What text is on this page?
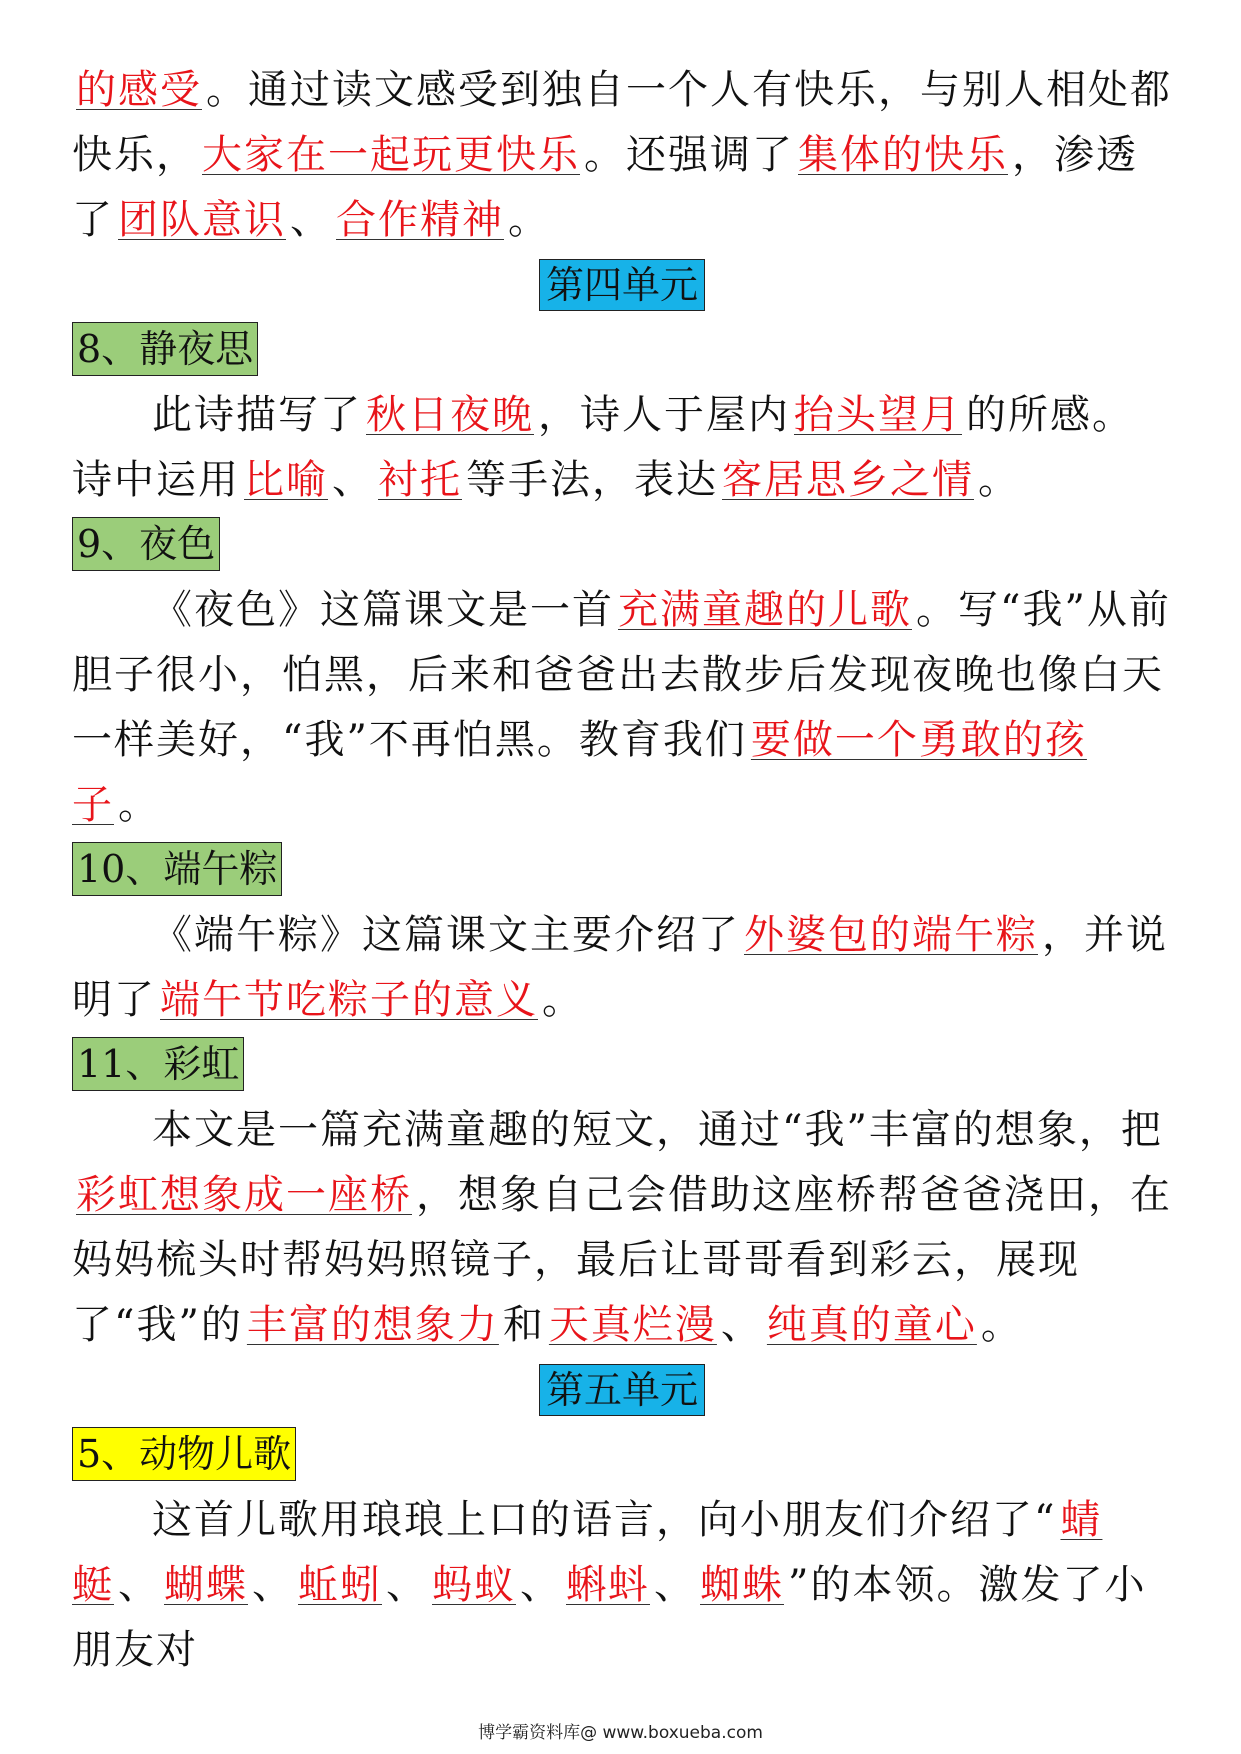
的感受 。通过读文感受到独自一个人有快乐，与别人相处都快乐， 大家在一起玩更快乐 。还强调了 集体的快乐 ，渗透了 团队意识 、 合作精神 。

第四单元
8、静夜思

此诗描写了 秋日夜晚 ，诗人于屋内 抬头望月 的所感。诗中运用 比喻 、 衬托 等手法，表达 客居思乡之情 。

9、夜色

《夜色》这篇课文是一首 充满童趣的儿歌 。写“我”从前胆子很小，怕黑，后来和爸爸出去散步后发现夜晚也像白天一样美好，“我”不再怕黑。教育我们 要做一个勇敢的孩子 。

10、端午粽

《端午粽》这篇课文主要介绍了 外婆包的端午粽 ，并说明了 端午节吃粽子的意义 。

11、彩虹

本文是一篇充满童趣的短文，通过“我”丰富的想象，把彩虹想象成一座桥 ，想象自己会借助这座桥帮爸爸浇田，在妈妈梳头时帮妈妈照镜子，最后让哥哥看到彩云，展现了“我”的 丰富的想象力 和 天真烂漫 、 纯真的童心 。

第五单元
5、动物儿歌

这首儿歌用琅琅上口的语言，向小朋友们介绍了“ 蜻蜓 、 蝴蝶 、 蚯蚓 、 蚂蚁 、 蝌蚪 、 蜘蛛 ”的本领。激发了小朋友对

博学霸资料库@ www.boxueba.com
